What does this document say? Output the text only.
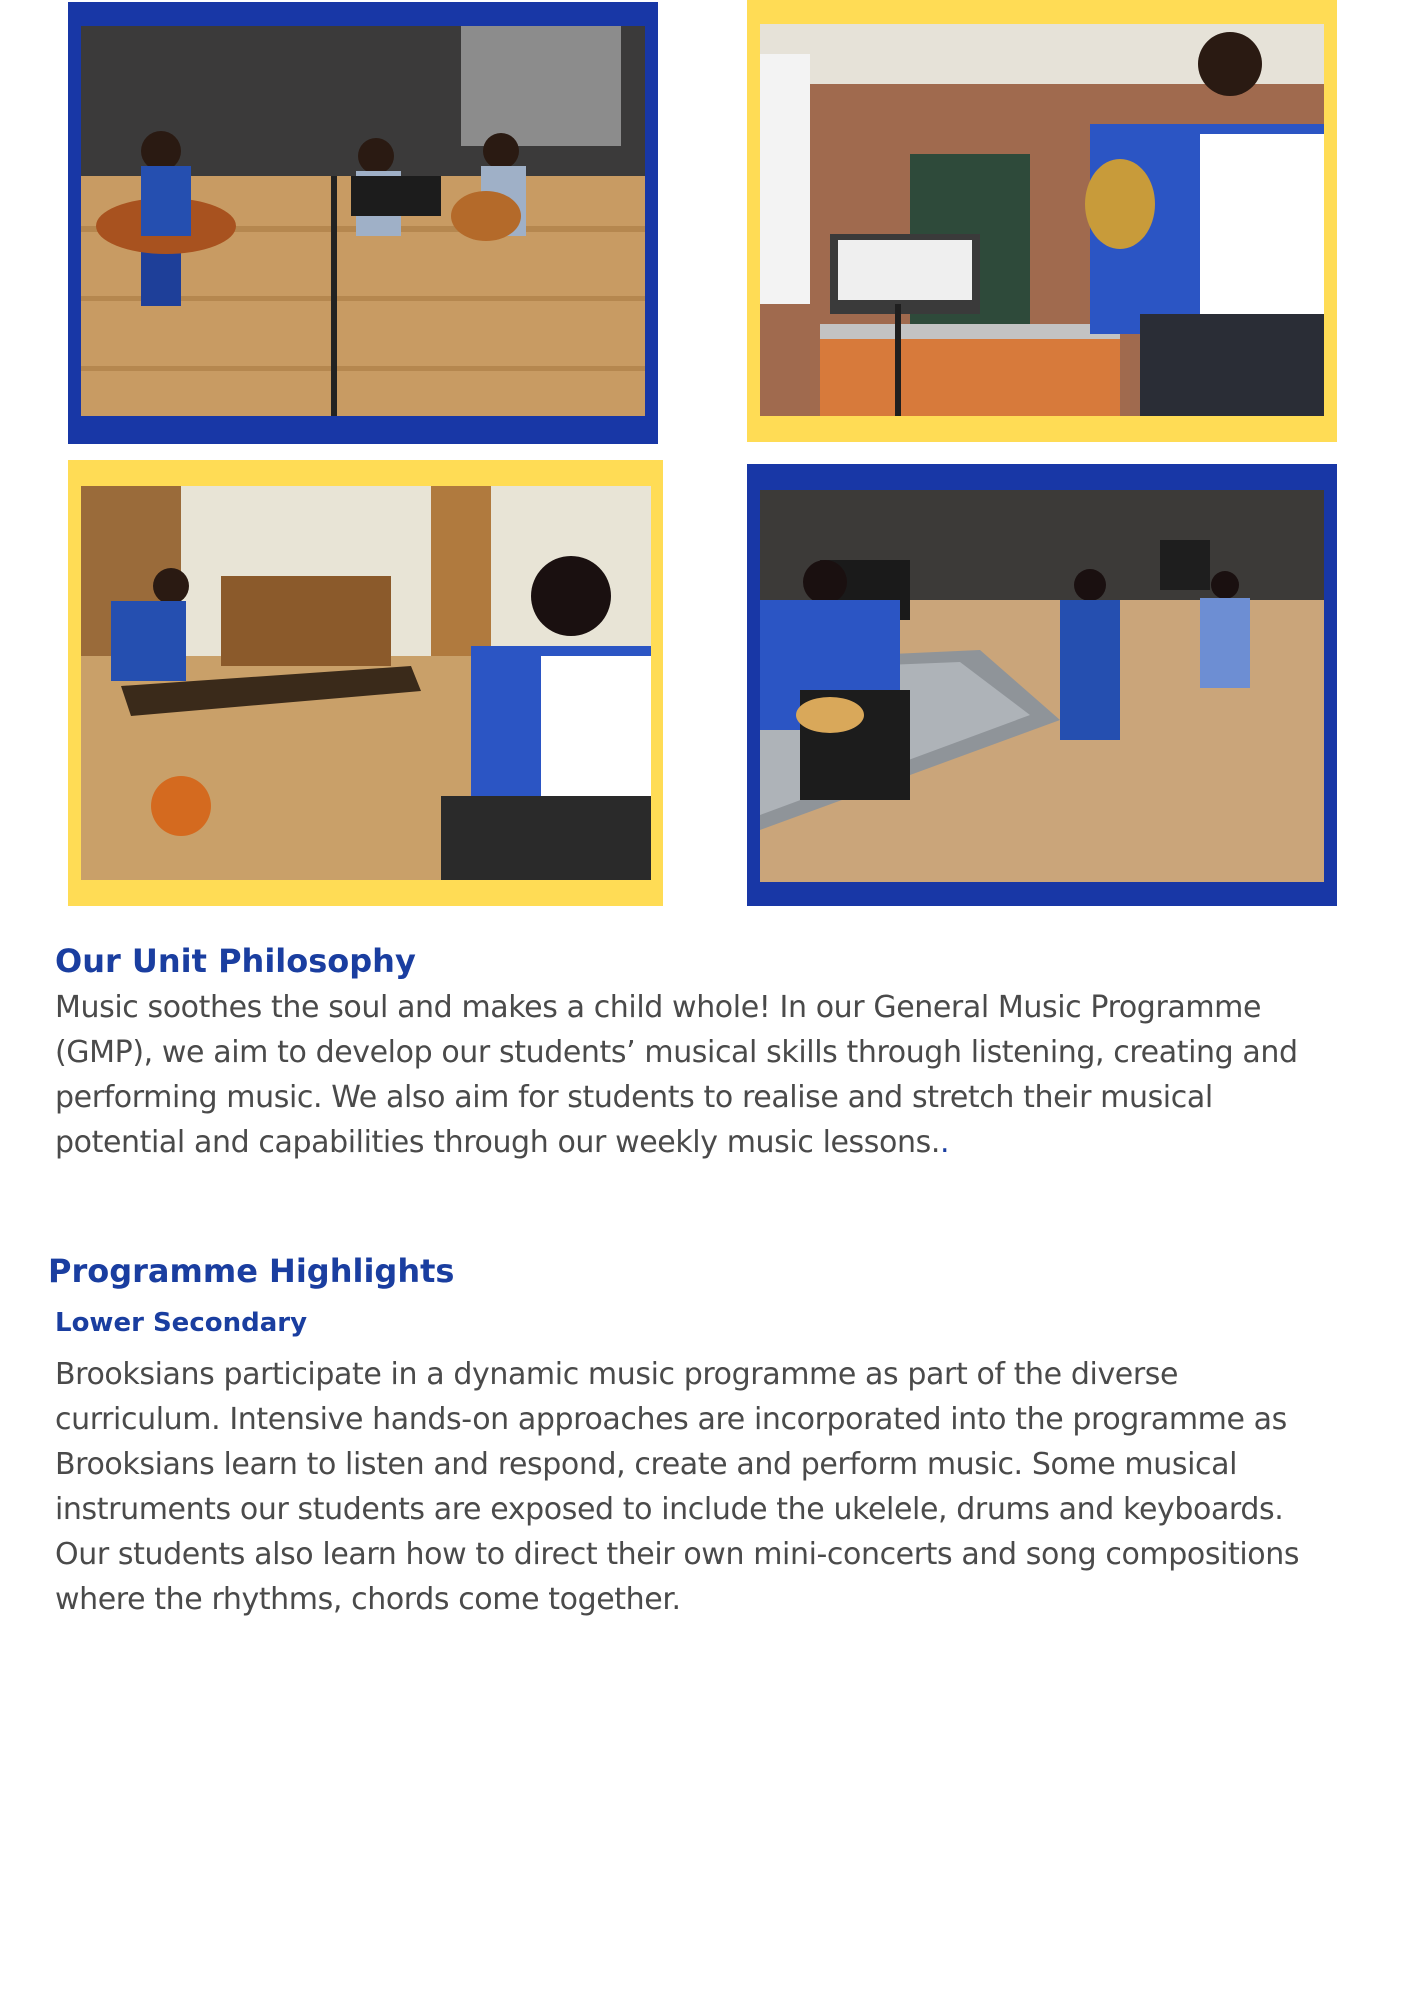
Our Unit Philosophy
Music soothes the soul and makes a child whole! In our General Music Programme (GMP), we aim to develop our students’ musical skills through listening, creating and performing music. We also aim for students to realise and stretch their musical potential and capabilities through our weekly music lessons..
Programme Highlights
Lower Secondary
Brooksians participate in a dynamic music programme as part of the diverse curriculum. Intensive hands-on approaches are incorporated into the programme as Brooksians learn to listen and respond, create and perform music. Some musical instruments our students are exposed to include the ukelele, drums and keyboards. Our students also learn how to direct their own mini-concerts and song compositions where the rhythms, chords come together.
